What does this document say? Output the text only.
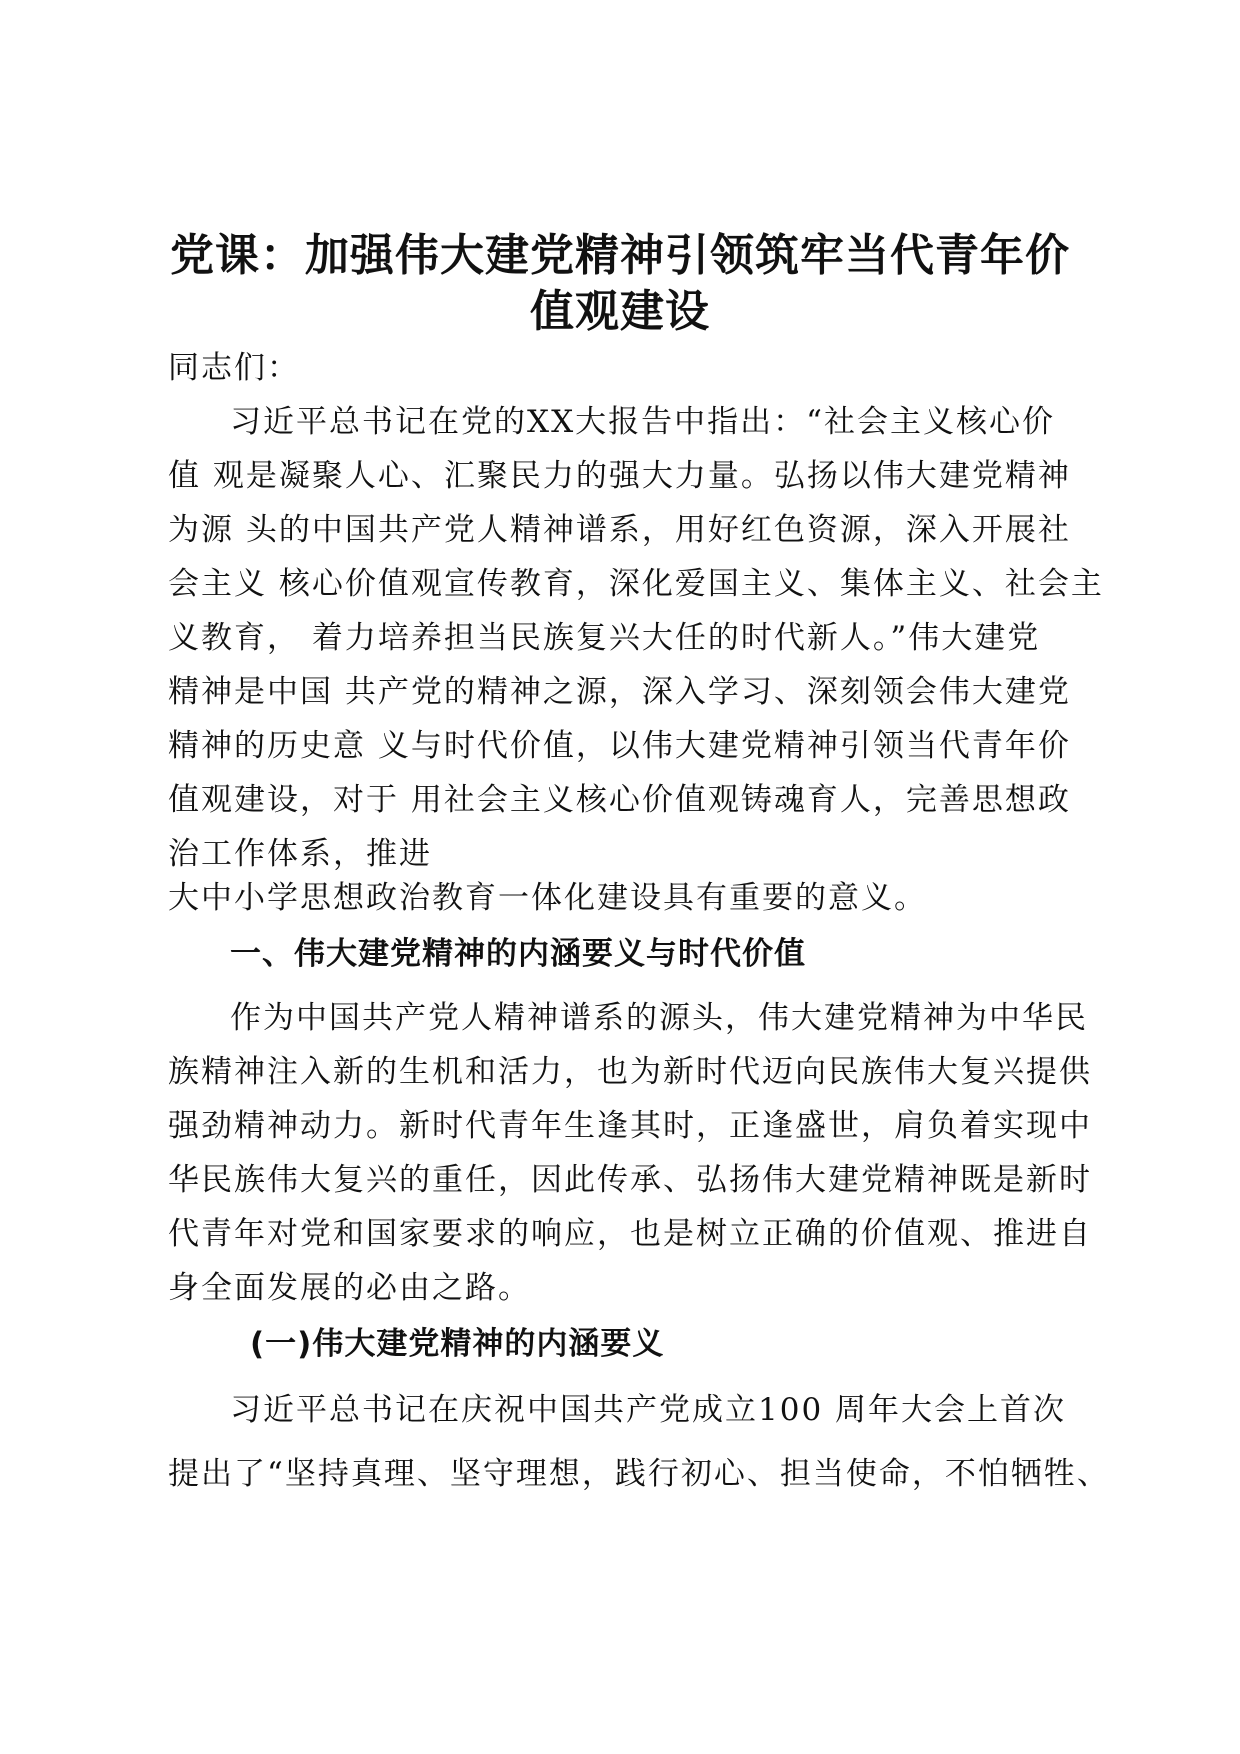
党课：加强伟大建党精神引领筑牢当代青年价
值观建设

同志们：

习近平总书记在党的XX大报告中指出：“社会主义核心价

值 观是凝聚人心、汇聚民力的强大力量。弘扬以伟大建党精神

为源 头的中国共产党人精神谱系，用好红色资源，深入开展社

会主义 核心价值观宣传教育，深化爱国主义、集体主义、社会主

义教育， 着力培养担当民族复兴大任的时代新人。”伟大建党

精神是中国 共产党的精神之源，深入学习、深刻领会伟大建党

精神的历史意 义与时代价值，以伟大建党精神引领当代青年价

值观建设，对于 用社会主义核心价值观铸魂育人，完善思想政

治工作体系，推进

大中小学思想政治教育一体化建设具有重要的意义。

一、伟大建党精神的内涵要义与时代价值

作为中国共产党人精神谱系的源头，伟大建党精神为中华民

族精神注入新的生机和活力，也为新时代迈向民族伟大复兴提供

强劲精神动力。新时代青年生逢其时，正逢盛世，肩负着实现中

华民族伟大复兴的重任，因此传承、弘扬伟大建党精神既是新时

代青年对党和国家要求的响应，也是树立正确的价值观、推进自

身全面发展的必由之路。

(一)伟大建党精神的内涵要义

习近平总书记在庆祝中国共产党成立100 周年大会上首次

提出了“坚持真理、坚守理想，践行初心、担当使命，不怕牺牲、
